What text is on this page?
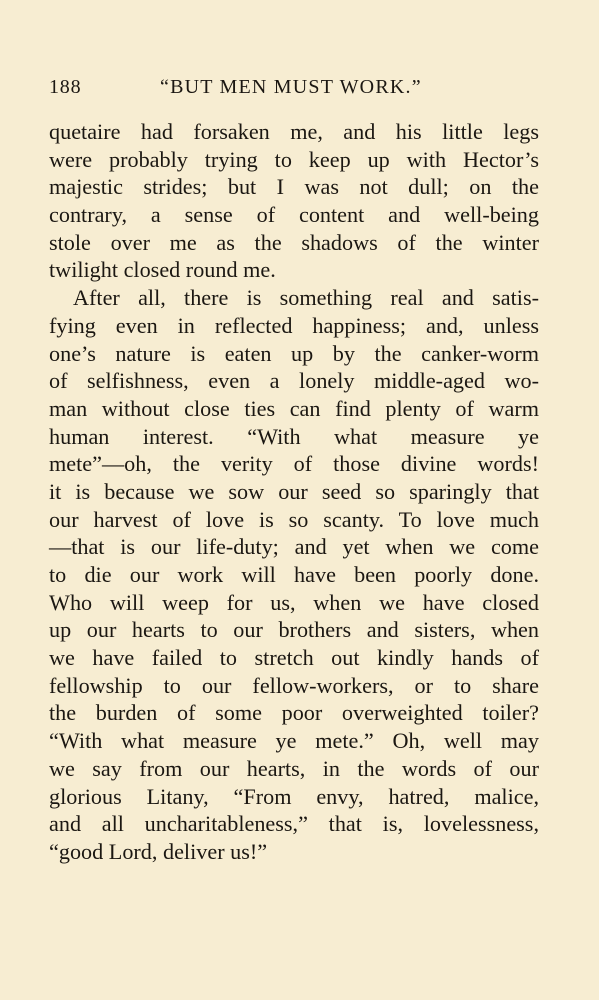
188	“BUT MEN MUST WORK.”
quetaire had forsaken me, and his little legs
were probably trying to keep up with Hector’s
majestic strides; but I was not dull; on the
contrary, a sense of content and well-being
stole over me as the shadows of the winter
twilight closed round me.
After all, there is something real and satis-
fying even in reflected happiness; and, unless
one’s nature is eaten up by the canker-worm
of selfishness, even a lonely middle-aged wo-
man without close ties can find plenty of warm
human interest. “With what measure ye
mete”—oh, the verity of those divine words!
it is because we sow our seed so sparingly that
our harvest of love is so scanty. To love much
—that is our life-duty; and yet when we come
to die our work will have been poorly done.
Who will weep for us, when we have closed
up our hearts to our brothers and sisters, when
we have failed to stretch out kindly hands of
fellowship to our fellow-workers, or to share
the burden of some poor overweighted toiler?
“With what measure ye mete.” Oh, well may
we say from our hearts, in the words of our
glorious Litany, “From envy, hatred, malice,
and all uncharitableness,” that is, lovelessness,
“good Lord, deliver us!”
